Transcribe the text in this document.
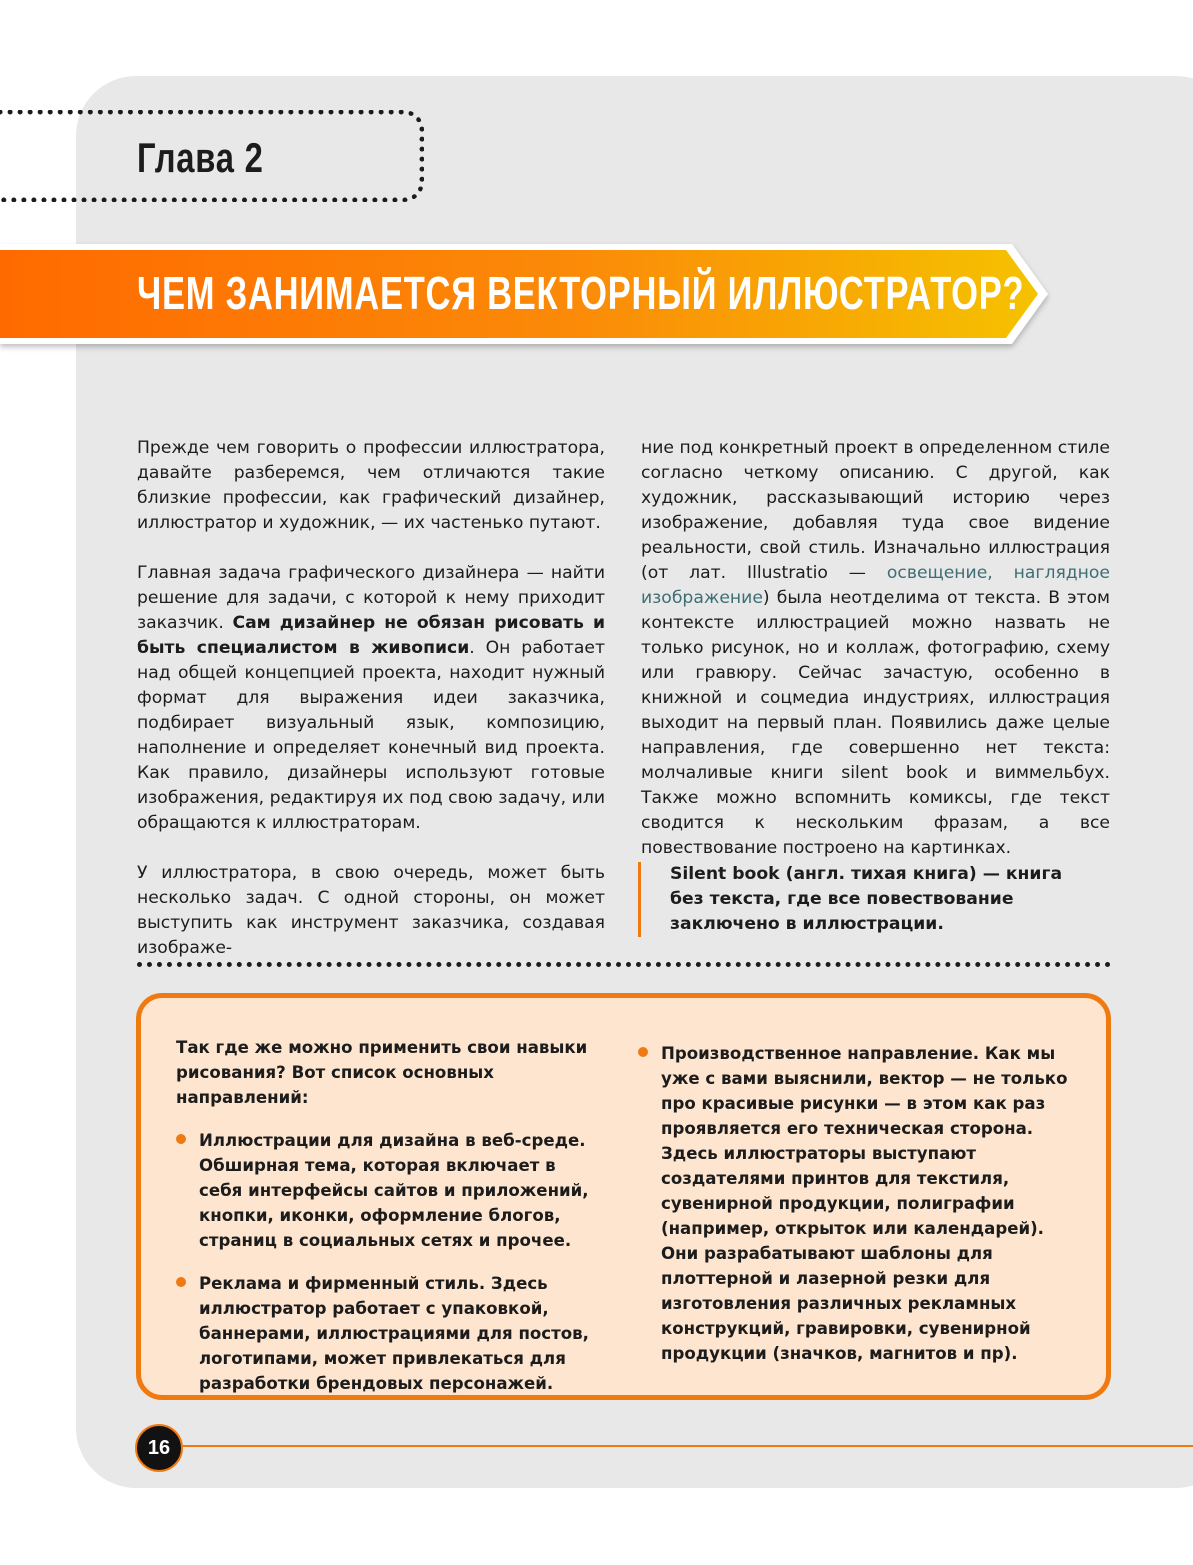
Глава 2
ЧЕМ ЗАНИМАЕТСЯ ВЕКТОРНЫЙ ИЛЛЮСТРАТОР?

Прежде чем говорить о профессии иллюстратора, давайте разберемся, чем отличаются такие близкие профессии, как графический дизайнер, иллюстратор и художник, — их частенько путают.

Главная задача графического дизайнера — найти решение для задачи, с которой к нему приходит заказчик. Сам дизайнер не обязан рисовать и быть специалистом в живописи. Он работает над общей концепцией проекта, находит нужный формат для выражения идеи заказчика, подбирает визуальный язык, композицию, наполнение и определяет конечный вид проекта. Как правило, дизайнеры используют готовые изображения, редактируя их под свою задачу, или обращаются к иллюстраторам.

У иллюстратора, в свою очередь, может быть несколько задач. С одной стороны, он может выступить как инструмент заказчика, создавая изображе-

ние под конкретный проект в определенном стиле согласно четкому описанию. С другой, как художник, рассказывающий историю через изображение, добавляя туда свое видение реальности, свой стиль. Изначально иллюстрация (от лат. Illustratio — освещение, наглядное изображение) была неотделима от текста. В этом контексте иллюстрацией можно назвать не только рисунок, но и коллаж, фотографию, схему или гравюру. Сейчас зачастую, особенно в книжной и соцмедиа индустриях, иллюстрация выходит на первый план. Появились даже целые направления, где совершенно нет текста: молчаливые книги silent book и виммельбух. Также можно вспомнить комиксы, где текст сводится к нескольким фразам, а все повествование построено на картинках.

Silent book (англ. тихая книга) — книга без текста, где все повествование заключено в иллюстрации.

Так где же можно применить свои навыки рисования? Вот список основных направлений:

Иллюстрации для дизайна в веб-среде. Обширная тема, которая включает в себя интерфейсы сайтов и приложений, кнопки, иконки, оформление блогов, страниц в социальных сетях и прочее.
Реклама и фирменный стиль. Здесь иллюстратор работает с упаковкой, баннерами, иллюстрациями для постов, логотипами, может привлекаться для разработки брендовых персонажей.
Производственное направление. Как мы уже с вами выяснили, вектор — не только про красивые рисунки — в этом как раз проявляется его техническая сторона. Здесь иллюстраторы выступают создателями принтов для текстиля, сувенирной продукции, полиграфии (например, открыток или календарей). Они разрабатывают шаблоны для плоттерной и лазерной резки для изготовления различных рекламных конструкций, гравировки, сувенирной продукции (значков, магнитов и пр).
16
